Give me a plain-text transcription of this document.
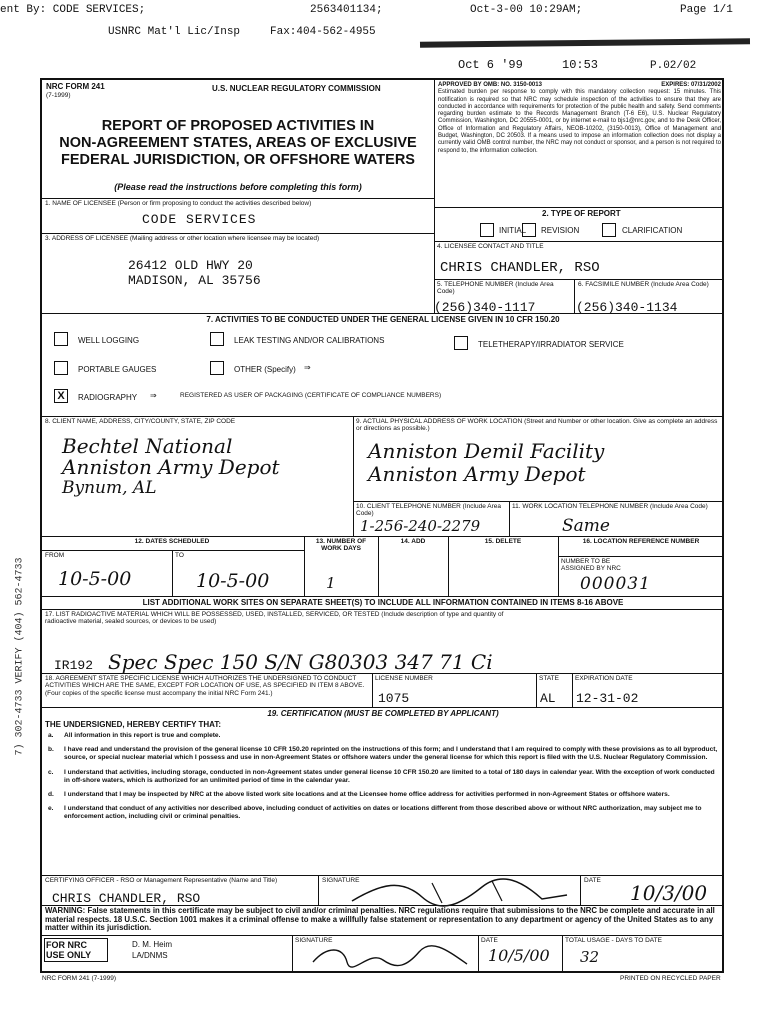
ent By: CODE SERVICES;	2563401134;	Oct-3-00 10:29AM;	Page 1/1
USNRC Mat'l Lic/Insp	Fax:404-562-4955
Oct 6 '99	10:53	P.02/02
7) 302-4733 VERIFY (404) 562-4733
NRC FORM 241
(7-1999)
U.S. NUCLEAR REGULATORY COMMISSION
REPORT OF PROPOSED ACTIVITIES IN
NON-AGREEMENT STATES, AREAS OF EXCLUSIVE
FEDERAL JURISDICTION, OR OFFSHORE WATERS
(Please read the instructions before completing this form)
APPROVED BY OMB: NO. 3150-0013	EXPIRES: 07/31/2002
Estimated burden per response to comply with this mandatory collection request: 15 minutes. This notification is required so that NRC may schedule inspection of the activities to ensure that they are conducted in accordance with requirements for protection of the public health and safety. Send comments regarding burden estimate to the Records Management Branch (T-6 E6), U.S. Nuclear Regulatory Commission, Washington, DC 20555-0001, or by internet e-mail to bjs1@nrc.gov, and to the Desk Officer, Office of Information and Regulatory Affairs, NEOB-10202, (3150-0013), Office of Management and Budget, Washington, DC 20503. If a means used to impose an information collection does not display a currently valid OMB control number, the NRC may not conduct or sponsor, and a person is not required to respond to, the information collection.
1. NAME OF LICENSEE (Person or firm proposing to conduct the activities described below)
CODE SERVICES	2. TYPE OF REPORT
INITIAL REVISION	CLARIFICATION
3. ADDRESS OF LICENSEE (Mailing address or other location where licensee may be located)
26412 OLD HWY 20
MADISON, AL 35756
4. LICENSEE CONTACT AND TITLE
CHRIS CHANDLER, RSO
5. TELEPHONE NUMBER (Include Area Code)
(256)340-1117
6. FACSIMILE NUMBER (Include Area Code)
(256)340-1134
7. ACTIVITIES TO BE CONDUCTED UNDER THE GENERAL LICENSE GIVEN IN 10 CFR 150.20
WELL LOGGING	LEAK TESTING AND/OR CALIBRATIONS	TELETHERAPY/IRRADIATOR SERVICE
PORTABLE GAUGES	OTHER (Specify) ⇒
X	RADIOGRAPHY ⇒	REGISTERED AS USER OF PACKAGING (CERTIFICATE OF COMPLIANCE NUMBERS)
8. CLIENT NAME, ADDRESS, CITY/COUNTY, STATE, ZIP CODE
Bechtel National
Anniston Army Depot
Bynum, AL
9. ACTUAL PHYSICAL ADDRESS OF WORK LOCATION (Street and Number or other location. Give as complete an address or directions as possible.)
Anniston Demil Facility
Anniston Army Depot
10. CLIENT TELEPHONE NUMBER (Include Area Code)
1-256-240-2279
11. WORK LOCATION TELEPHONE NUMBER (Include Area Code)
Same
12. DATES SCHEDULED
FROM	TO
10-5-00	10-5-00
13. NUMBER OF WORK DAYS
1
14. ADD	15. DELETE	16. LOCATION REFERENCE NUMBER
NUMBER TO BE ASSIGNED BY NRC
000031
LIST ADDITIONAL WORK SITES ON SEPARATE SHEET(S) TO INCLUDE ALL INFORMATION CONTAINED IN ITEMS 8-16 ABOVE
17. LIST RADIOACTIVE MATERIAL WHICH WILL BE POSSESSED, USED, INSTALLED, SERVICED, OR TESTED (Include description of type and quantity of radioactive material, sealed sources, or devices to be used)
IR192 Spec Spec 150 S/N G80303 347 71 Ci
18. AGREEMENT STATE SPECIFIC LICENSE WHICH AUTHORIZES THE UNDERSIGNED TO CONDUCT ACTIVITIES WHICH ARE THE SAME, EXCEPT FOR LOCATION OF USE, AS SPECIFIED IN ITEM 8 ABOVE. (Four copies of the specific license must accompany the initial NRC Form 241.)
LICENSE NUMBER
1075
STATE
AL
EXPIRATION DATE
12-31-02
19. CERTIFICATION (MUST BE COMPLETED BY APPLICANT)
THE UNDERSIGNED, HEREBY CERTIFY THAT:

a.	All information in this report is true and complete.

b.	I have read and understand the provision of the general license 10 CFR 150.20 reprinted on the instructions of this form; and I understand that I am required to comply with these provisions as to all byproduct, source, or special nuclear material which I possess and use in non-Agreement States or offshore waters under the general license for which this report is filed with the U.S. Nuclear Regulatory Commission.

c.	I understand that activities, including storage, conducted in non-Agreement states under general license 10 CFR 150.20 are limited to a total of 180 days in calendar year. With the exception of work conducted in off-shore waters, which is authorized for an unlimited period of time in the calendar year.

d.	I understand that I may be inspected by NRC at the above listed work site locations and at the Licensee home office address for activities performed in non-Agreement States or offshore waters.

e.	I understand that conduct of any activities nor described above, including conduct of activities on dates or locations different from those described above or without NRC authorization, may subject me to enforcement action, including civil or criminal penalties.

CERTIFYING OFFICER - RSO or Management Representative (Name and Title)
CHRIS CHANDLER, RSO
SIGNATURE	DATE
10/3/00
WARNING: False statements in this certificate may be subject to civil and/or criminal penalties. NRC regulations require that submissions to the NRC be complete and accurate in all material respects. 18 U.S.C. Section 1001 makes it a criminal offense to make a willfully false statement or representation to any department or agency of the United States as to any matter within its jurisdiction.
FOR NRC USE ONLY
D. M. Heim
LA/DNMS
SIGNATURE	DATE
10/5/00
TOTAL USAGE - DAYS TO DATE
32
NRC FORM 241 (7-1999)	PRINTED ON RECYCLED PAPER
